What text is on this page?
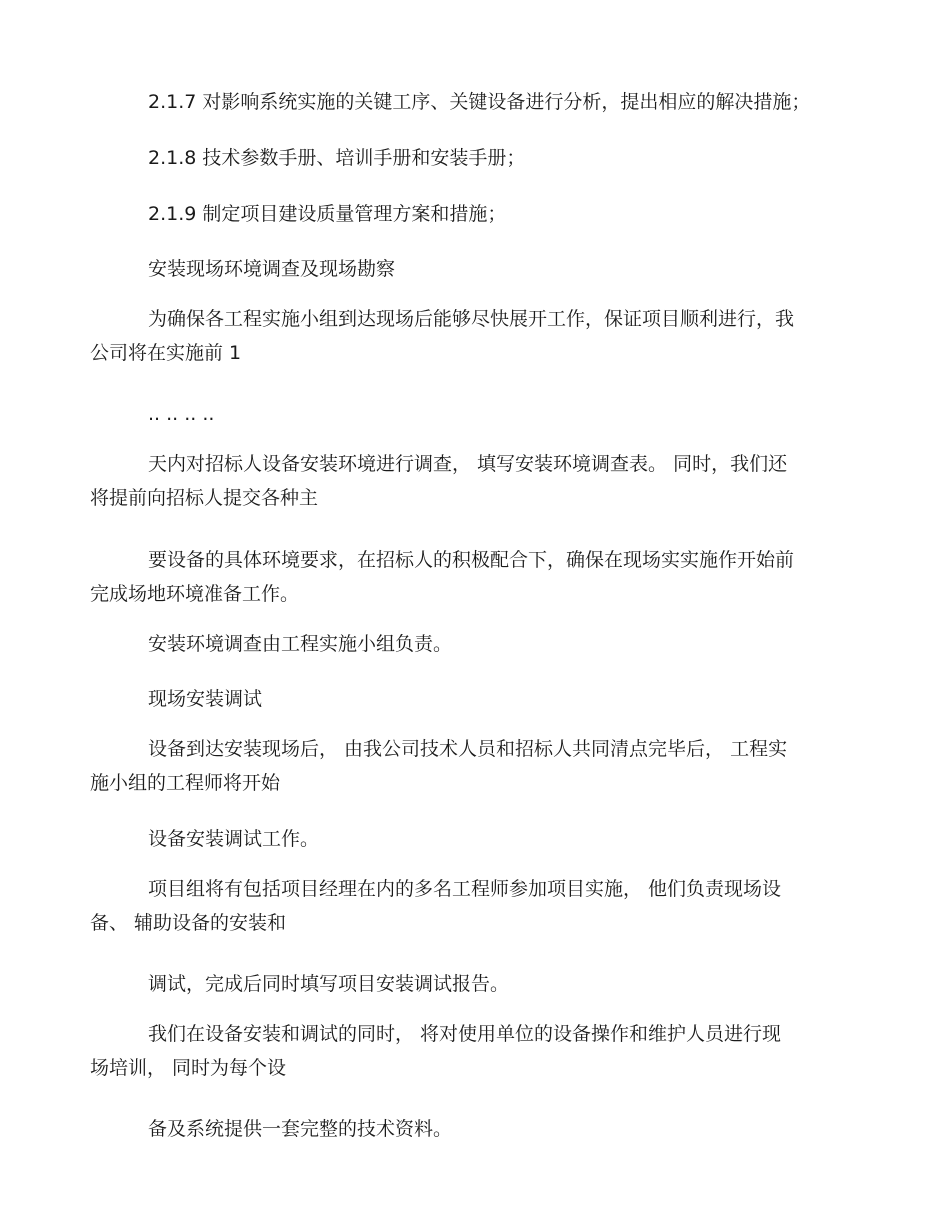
2.1.7 对影响系统实施的关键工序、关键设备进行分析，提出相应的解决措施；
2.1.8 技术参数手册、培训手册和安装手册；
2.1.9 制定项目建设质量管理方案和措施；
安装现场环境调查及现场勘察
为确保各工程实施小组到达现场后能够尽快展开工作，保证项目顺利进行，我
公司将在实施前 1
.. .. .. ..
天内对招标人设备安装环境进行调查， 填写安装环境调查表。 同时，我们还
将提前向招标人提交各种主
要设备的具体环境要求，在招标人的积极配合下，确保在现场实实施作开始前
完成场地环境准备工作。
安装环境调查由工程实施小组负责。
现场安装调试
设备到达安装现场后， 由我公司技术人员和招标人共同清点完毕后， 工程实
施小组的工程师将开始
设备安装调试工作。
项目组将有包括项目经理在内的多名工程师参加项目实施， 他们负责现场设
备、 辅助设备的安装和
调试，完成后同时填写项目安装调试报告。
我们在设备安装和调试的同时， 将对使用单位的设备操作和维护人员进行现
场培训， 同时为每个设
备及系统提供一套完整的技术资料。
